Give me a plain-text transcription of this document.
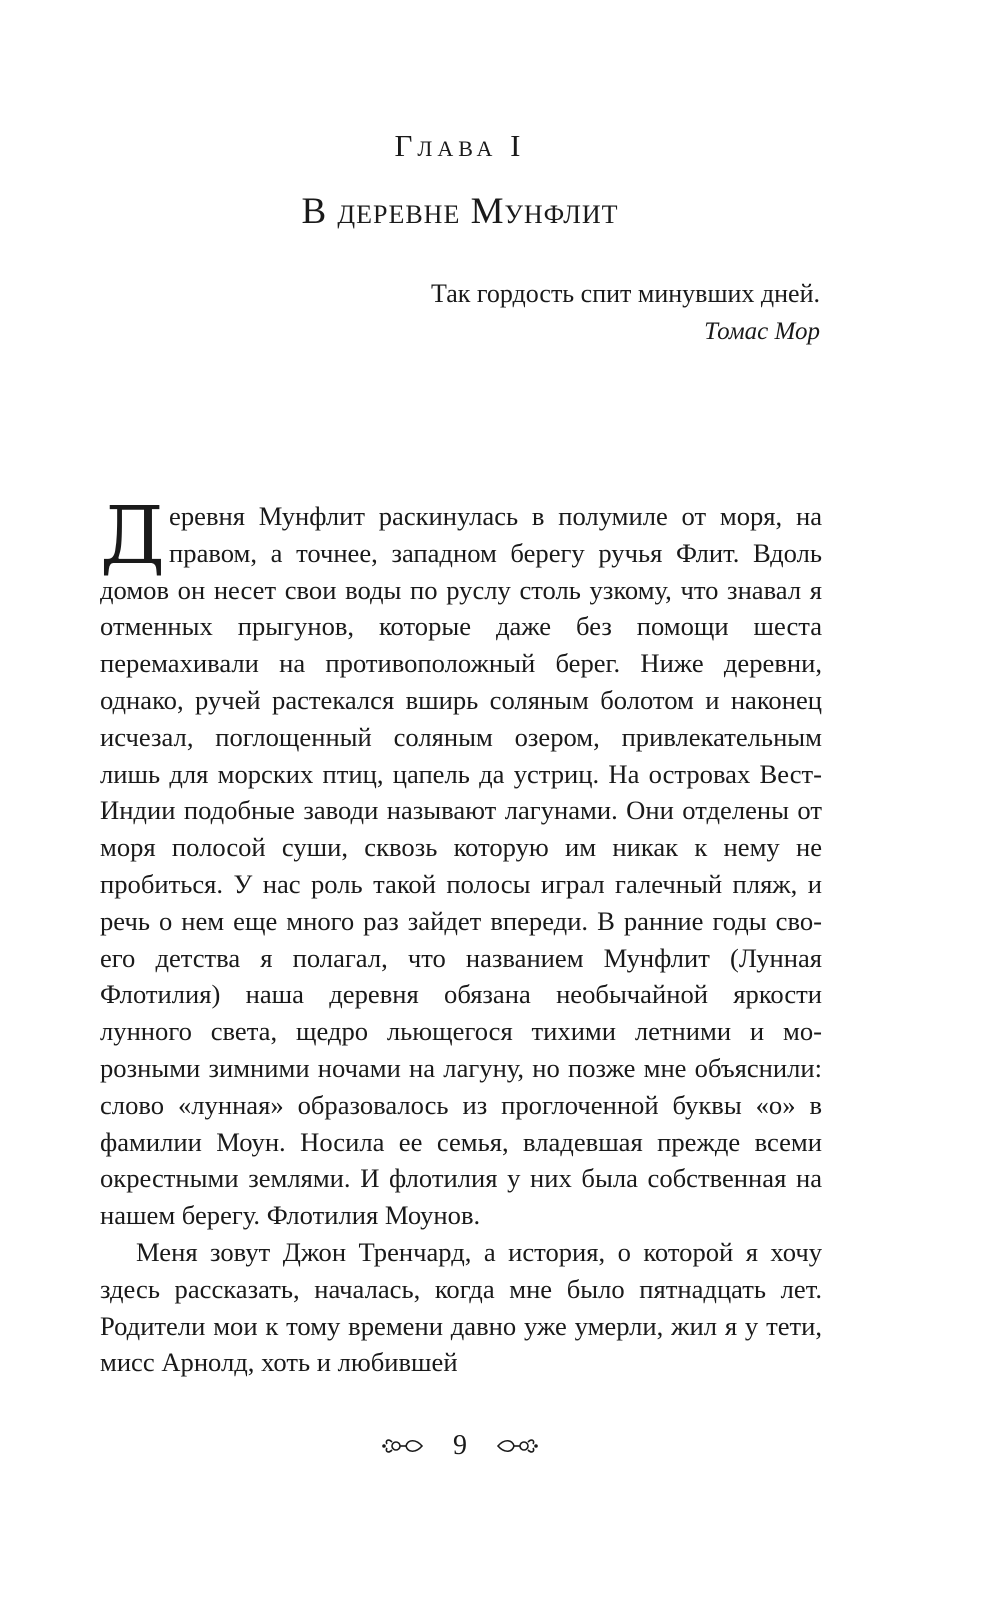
Глава I
В деревне Мунфлит
Так гордость спит минувших дней.
Томас Мор

Деревня Мунфлит раскинулась в полумиле от моря, на правом, а точнее, западном берегу ручья Флит. Вдоль домов он несет свои воды по руслу столь узкому, что знавал я отменных прыгунов, которые даже без помощи шеста перемахивали на противоположный берег. Ниже деревни, однако, ручей растекался вширь соляным болотом и наконец исчезал, поглощенный соляным озером, привлекательным лишь для морских птиц, цапель да устриц. На островах Вест-Индии подобные заводи называют лагунами. Они отделены от моря полосой суши, сквозь которую им никак к нему не пробиться. У нас роль такой полосы играл галечный пляж, и речь о нем еще много раз зайдет впереди. В ранние годы своего детства я полагал, что названием Мунфлит (Лунная Флотилия) наша деревня обязана необычайной яркости лунного света, щедро льющегося тихими летними и морозными зимними ночами на лагуну, но позже мне объяснили: слово «лунная» образовалось из проглоченной буквы «о» в фамилии Моун. Носила ее семья, владевшая прежде всеми окрестными землями. И флотилия у них была собственная на нашем берегу. Флотилия Моунов.

Меня зовут Джон Тренчард, а история, о которой я хочу здесь рассказать, началась, когда мне было пятнадцать лет. Родители мои к тому времени давно уже умерли, жил я у тети, мисс Арнолд, хоть и любившей

9
